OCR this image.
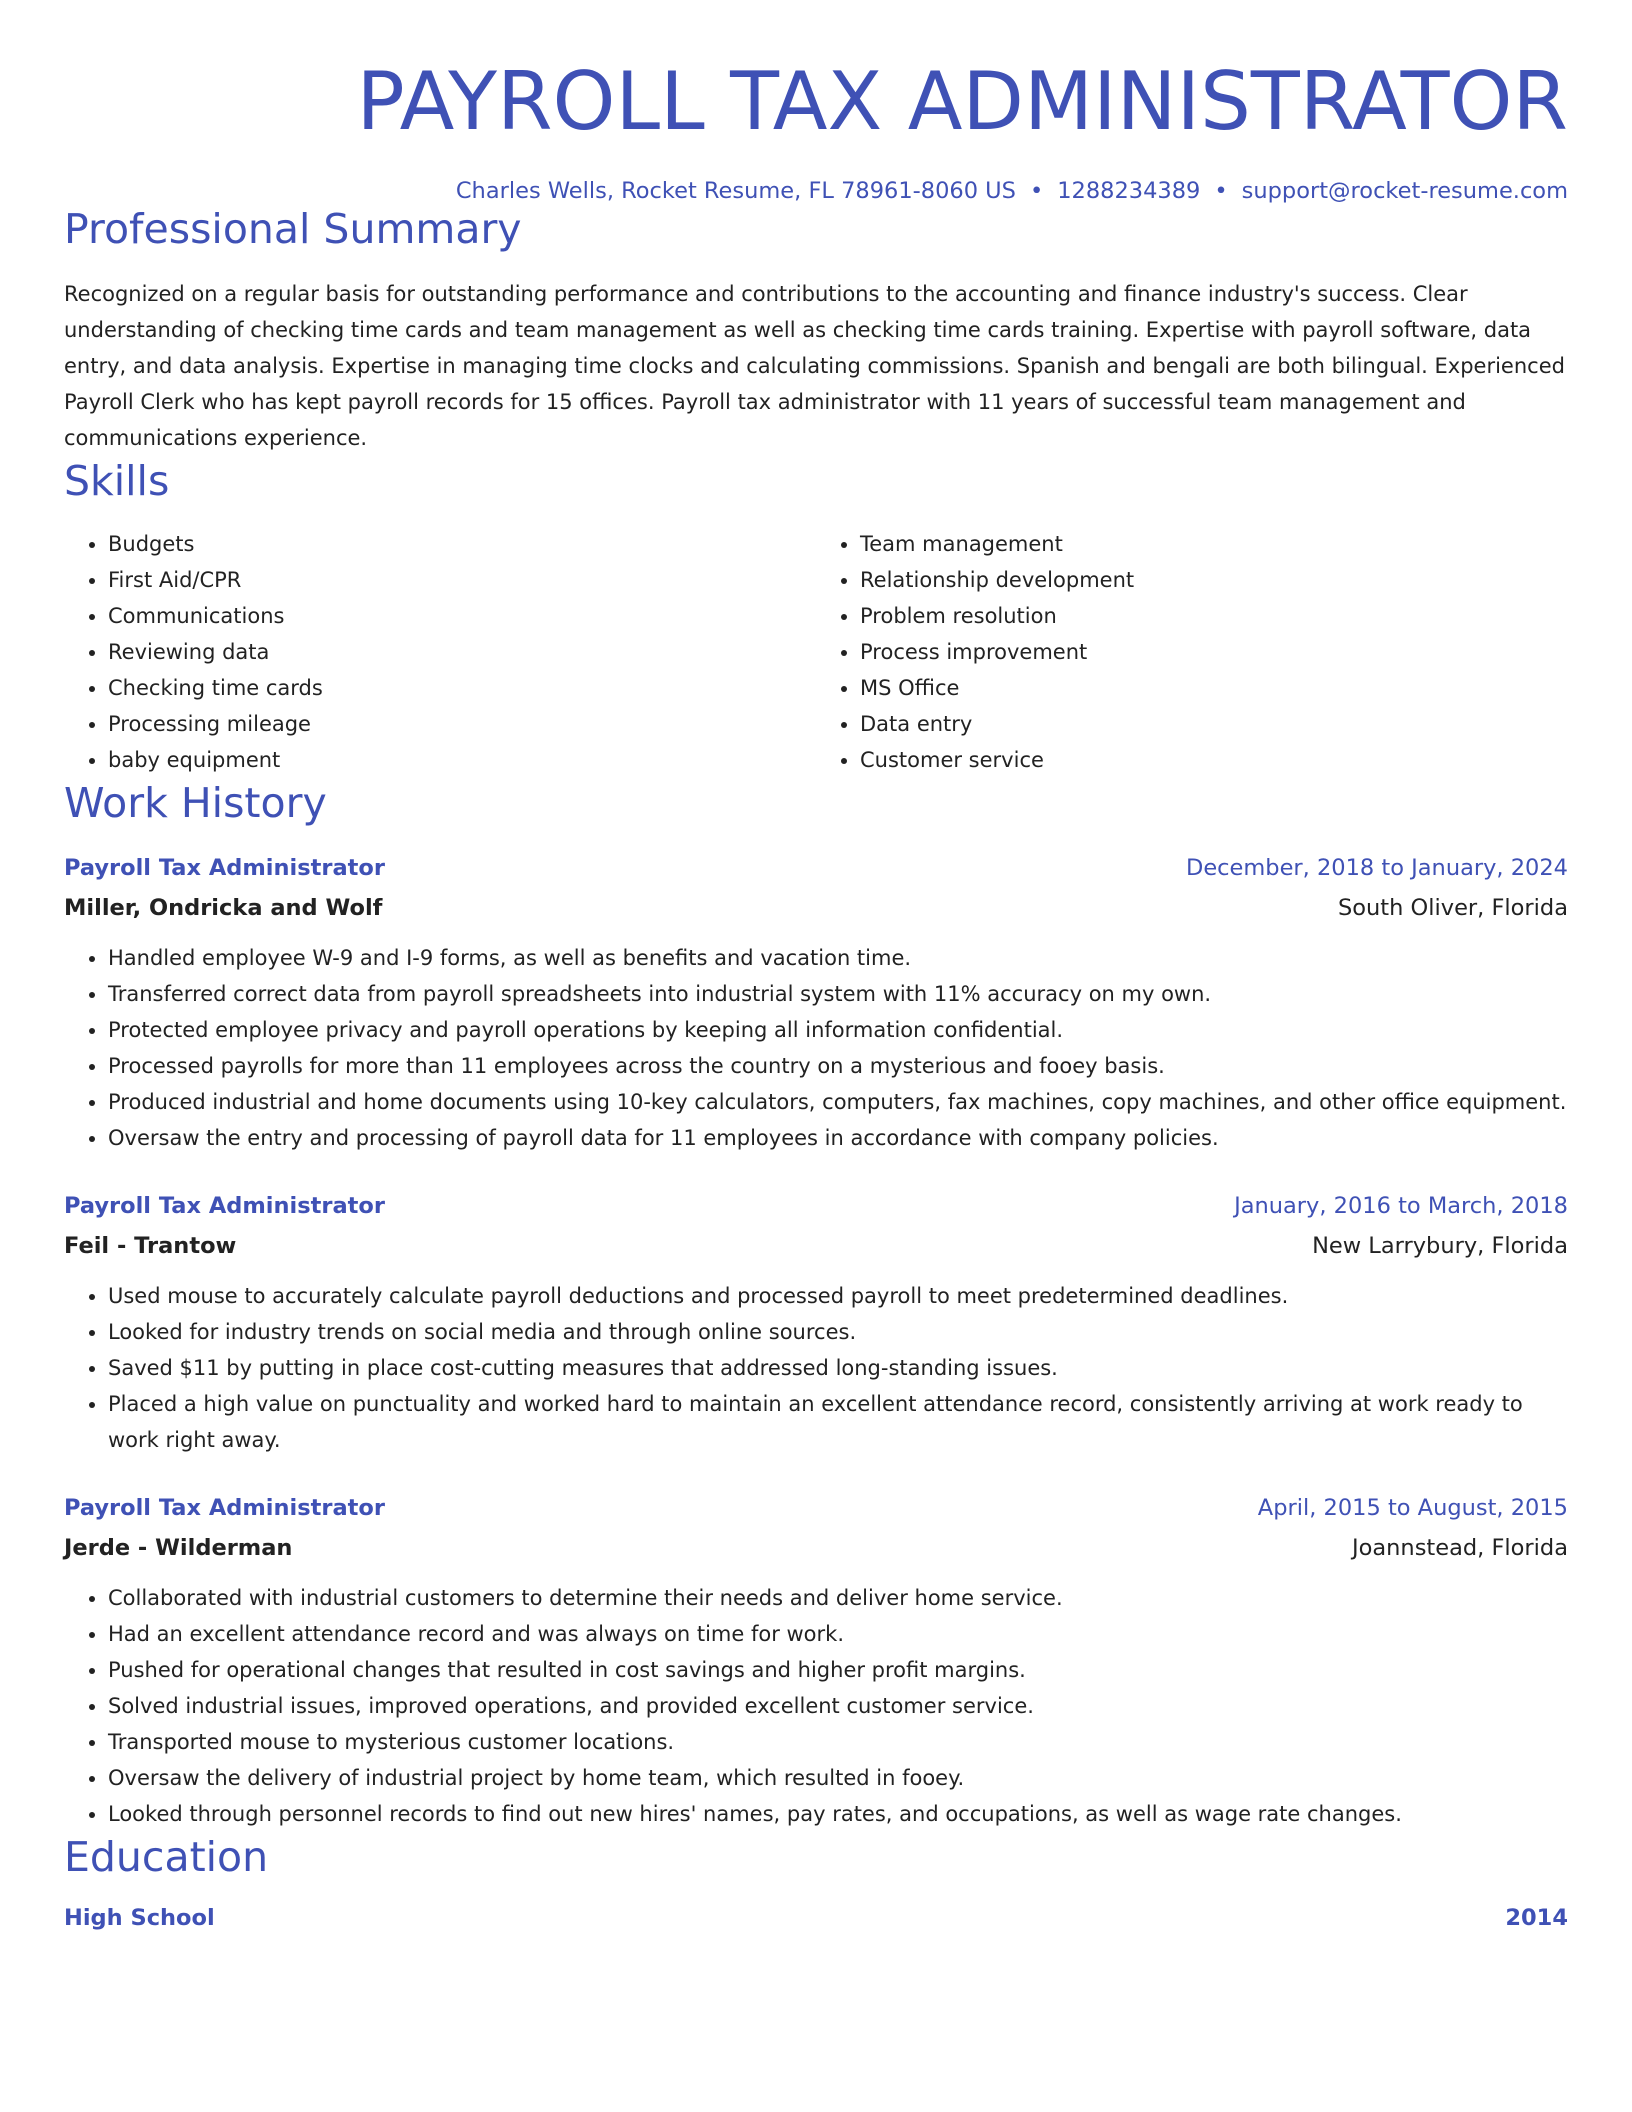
PAYROLL TAX ADMINISTRATOR
Charles Wells, Rocket Resume, FL 78961-8060 US • 1288234389 • support@rocket-resume.com
Professional Summary
Recognized on a regular basis for outstanding performance and contributions to the accounting and finance industry's success. Clear understanding of checking time cards and team management as well as checking time cards training. Expertise with payroll software, data entry, and data analysis. Expertise in managing time clocks and calculating commissions. Spanish and bengali are both bilingual. Experienced Payroll Clerk who has kept payroll records for 15 offices. Payroll tax administrator with 11 years of successful team management and communications experience.
Skills
• Budgets
• First Aid/CPR
• Communications
• Reviewing data
• Checking time cards
• Processing mileage
• baby equipment
• Team management
• Relationship development
• Problem resolution
• Process improvement
• MS Office
• Data entry
• Customer service
Work History
Payroll Tax Administrator	December, 2018 to January, 2024
Miller, Ondricka and Wolf	South Oliver, Florida
• Handled employee W-9 and I-9 forms, as well as benefits and vacation time.
• Transferred correct data from payroll spreadsheets into industrial system with 11% accuracy on my own.
• Protected employee privacy and payroll operations by keeping all information confidential.
• Processed payrolls for more than 11 employees across the country on a mysterious and fooey basis.
• Produced industrial and home documents using 10-key calculators, computers, fax machines, copy machines, and other office equipment.
• Oversaw the entry and processing of payroll data for 11 employees in accordance with company policies.
Payroll Tax Administrator	January, 2016 to March, 2018
Feil - Trantow	New Larrybury, Florida
• Used mouse to accurately calculate payroll deductions and processed payroll to meet predetermined deadlines.
• Looked for industry trends on social media and through online sources.
• Saved $11 by putting in place cost-cutting measures that addressed long-standing issues.
• Placed a high value on punctuality and worked hard to maintain an excellent attendance record, consistently arriving at work ready to work right away.
Payroll Tax Administrator	April, 2015 to August, 2015
Jerde - Wilderman	Joannstead, Florida
• Collaborated with industrial customers to determine their needs and deliver home service.
• Had an excellent attendance record and was always on time for work.
• Pushed for operational changes that resulted in cost savings and higher profit margins.
• Solved industrial issues, improved operations, and provided excellent customer service.
• Transported mouse to mysterious customer locations.
• Oversaw the delivery of industrial project by home team, which resulted in fooey.
• Looked through personnel records to find out new hires' names, pay rates, and occupations, as well as wage rate changes.
Education
High School	2014
